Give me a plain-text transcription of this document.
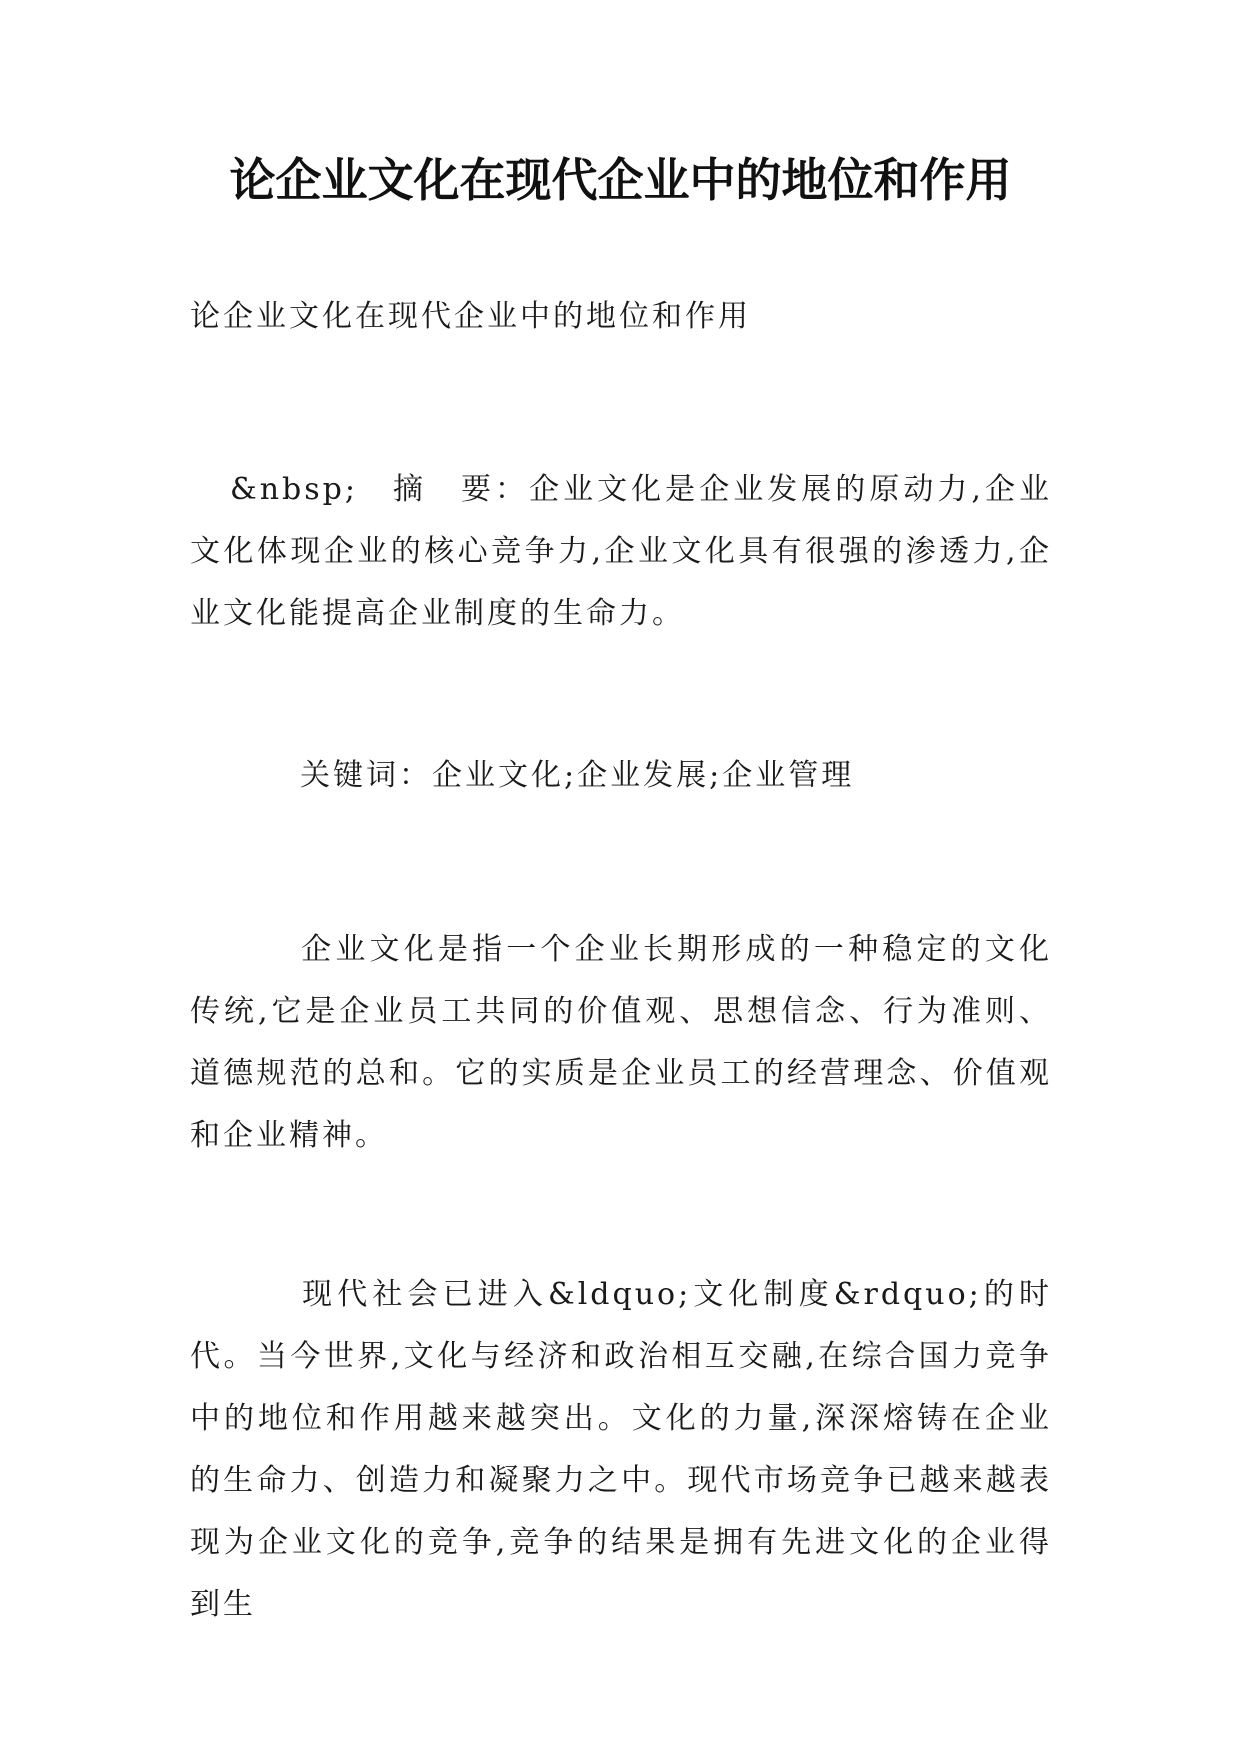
论企业文化在现代企业中的地位和作用

论企业文化在现代企业中的地位和作用

&nbsp;　摘　要：企业文化是企业发展的原动力,企业文化体现企业的核心竞争力,企业文化具有很强的渗透力,企业文化能提高企业制度的生命力。

关键词：企业文化;企业发展;企业管理

企业文化是指一个企业长期形成的一种稳定的文化传统,它是企业员工共同的价值观、思想信念、行为准则、道德规范的总和。它的实质是企业员工的经营理念、价值观和企业精神。

现代社会已进入&ldquo;文化制度&rdquo;的时代。当今世界,文化与经济和政治相互交融,在综合国力竞争中的地位和作用越来越突出。文化的力量,深深熔铸在企业的生命力、创造力和凝聚力之中。现代市场竞争已越来越表现为企业文化的竞争,竞争的结果是拥有先进文化的企业得到生
